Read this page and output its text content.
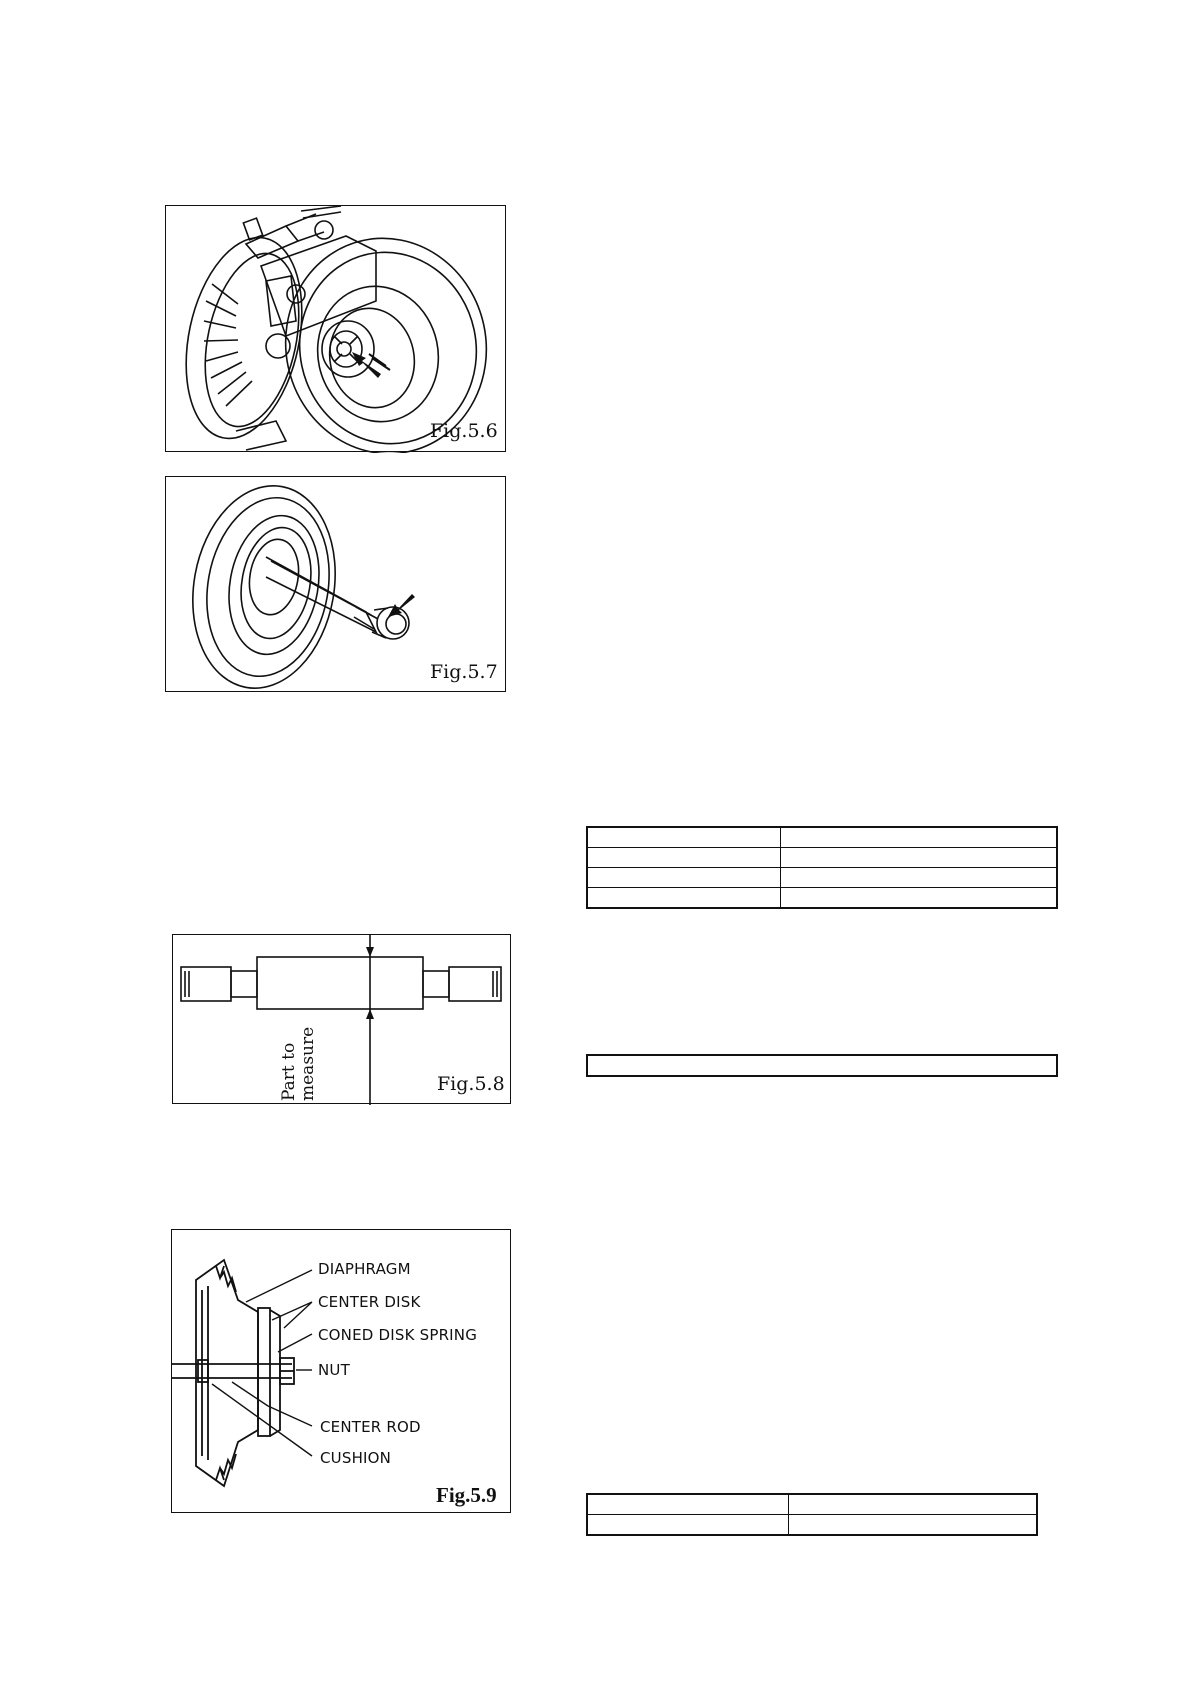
Fig.5.6
Fig.5.7
Part to measure	Fig.5.8
DIAPHRAGM
CENTER DISK
CONED DISK SPRING
NUT
CENTER ROD
CUSHION
Fig.5.9
